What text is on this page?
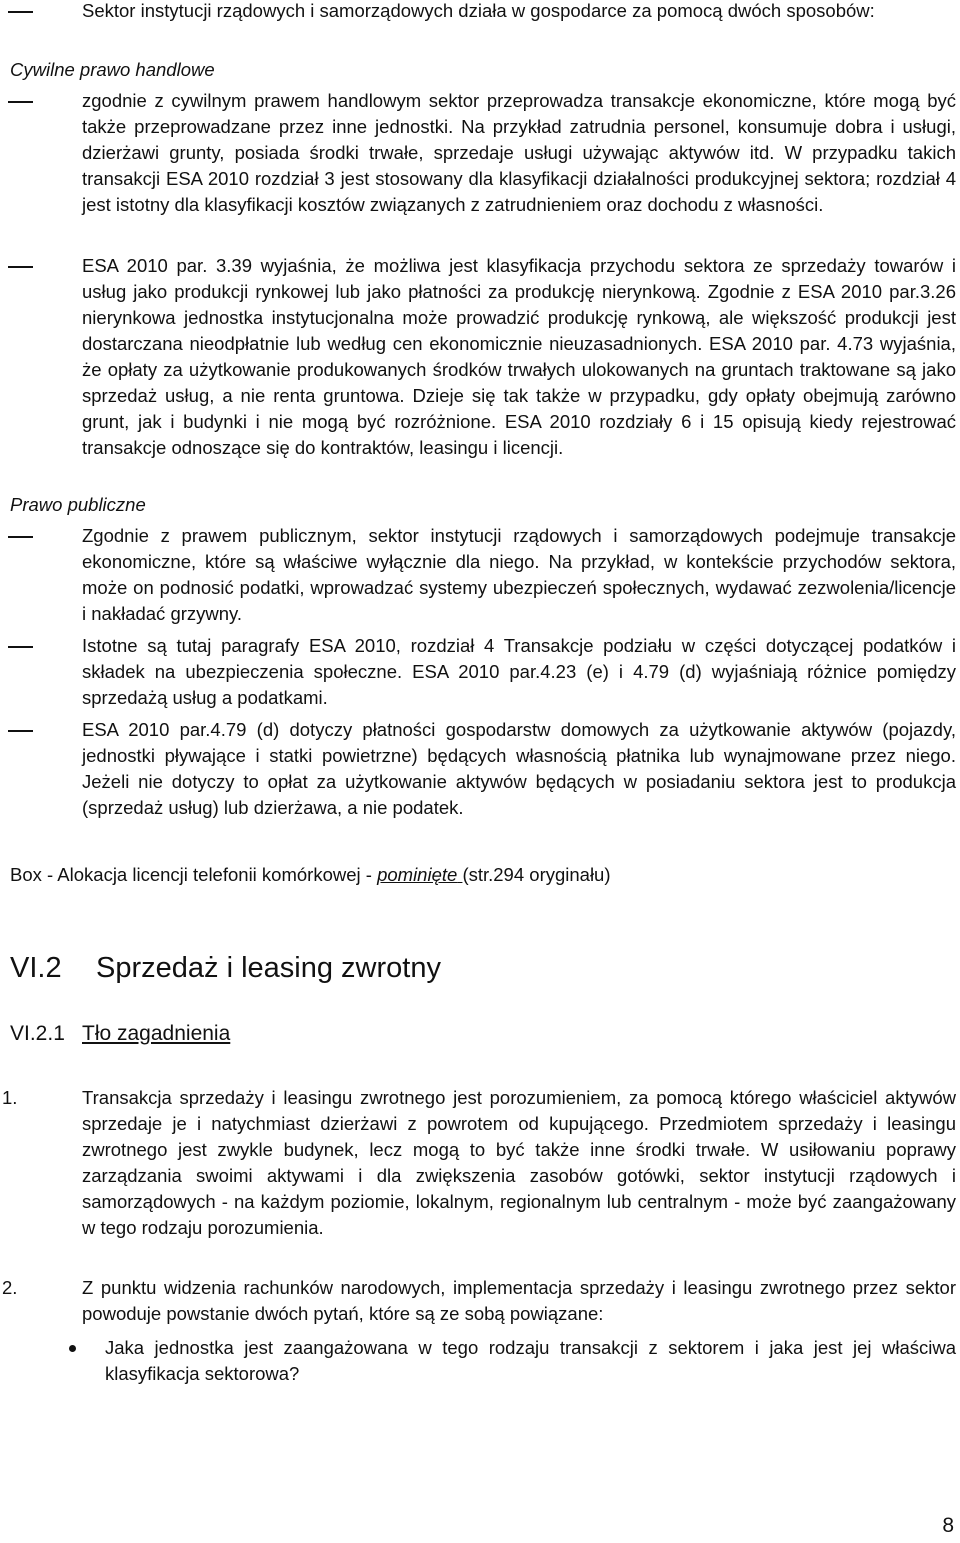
Sektor instytucji rządowych i samorządowych działa w gospodarce za pomocą dwóch sposobów:

Cywilne prawo handlowe

zgodnie z cywilnym prawem handlowym sektor przeprowadza transakcje ekonomiczne, które mogą być także przeprowadzane przez inne jednostki. Na przykład zatrudnia personel, konsumuje dobra i usługi, dzierżawi grunty, posiada środki trwałe, sprzedaje usługi używając aktywów itd. W przypadku takich transakcji ESA 2010 rozdział 3 jest stosowany dla klasyfikacji działalności produkcyjnej sektora; rozdział 4 jest istotny dla klasyfikacji kosztów związanych z zatrudnieniem oraz dochodu z własności.

ESA 2010 par. 3.39 wyjaśnia, że możliwa jest klasyfikacja przychodu sektora ze sprzedaży towarów i usług jako produkcji rynkowej lub jako płatności za produkcję nierynkową. Zgodnie z ESA 2010 par.3.26 nierynkowa jednostka instytucjonalna może prowadzić produkcję rynkową, ale większość produkcji jest dostarczana nieodpłatnie lub według cen ekonomicznie nieuzasadnionych. ESA 2010 par. 4.73 wyjaśnia, że opłaty za użytkowanie produkowanych środków trwałych ulokowanych na gruntach traktowane są jako sprzedaż usług, a nie renta gruntowa. Dzieje się tak także w przypadku, gdy opłaty obejmują zarówno grunt, jak i budynki i nie mogą być rozróżnione. ESA 2010 rozdziały 6 i 15 opisują kiedy rejestrować transakcje odnoszące się do kontraktów, leasingu i licencji.

Prawo publiczne

Zgodnie z prawem publicznym, sektor instytucji rządowych i samorządowych podejmuje transakcje ekonomiczne, które są właściwe wyłącznie dla niego. Na przykład, w kontekście przychodów sektora, może on podnosić podatki, wprowadzać systemy ubezpieczeń społecznych, wydawać zezwolenia/licencje i nakładać grzywny.

Istotne są tutaj paragrafy ESA 2010, rozdział 4 Transakcje podziału w części dotyczącej podatków i składek na ubezpieczenia społeczne. ESA 2010 par.4.23 (e) i 4.79 (d) wyjaśniają różnice pomiędzy sprzedażą usług a podatkami.

ESA 2010 par.4.79 (d) dotyczy płatności gospodarstw domowych za użytkowanie aktywów (pojazdy, jednostki pływające i statki powietrzne) będących własnością płatnika lub wynajmowane przez niego. Jeżeli nie dotyczy to opłat za użytkowanie aktywów będących w posiadaniu sektora jest to produkcja (sprzedaż usług) lub dzierżawa, a nie podatek.

Box - Alokacja licencji telefonii komórkowej - pominięte (str.294 oryginału)
VI.2 Sprzedaż i leasing zwrotny
VI.2.1 Tło zagadnienia
1.	Transakcja sprzedaży i leasingu zwrotnego jest porozumieniem, za pomocą którego właściciel aktywów sprzedaje je i natychmiast dzierżawi z powrotem od kupującego. Przedmiotem sprzedaży i leasingu zwrotnego jest zwykle budynek, lecz mogą to być także inne środki trwałe. W usiłowaniu poprawy zarządzania swoimi aktywami i dla zwiększenia zasobów gotówki, sektor instytucji rządowych i samorządowych - na każdym poziomie, lokalnym, regionalnym lub centralnym - może być zaangażowany w tego rodzaju porozumienia.
2.	Z punktu widzenia rachunków narodowych, implementacja sprzedaży i leasingu zwrotnego przez sektor powoduje powstanie dwóch pytań, które są ze sobą powiązane:

Jaka jednostka jest zaangażowana w tego rodzaju transakcji z sektorem i jaka jest jej właściwa klasyfikacja sektorowa?

8
